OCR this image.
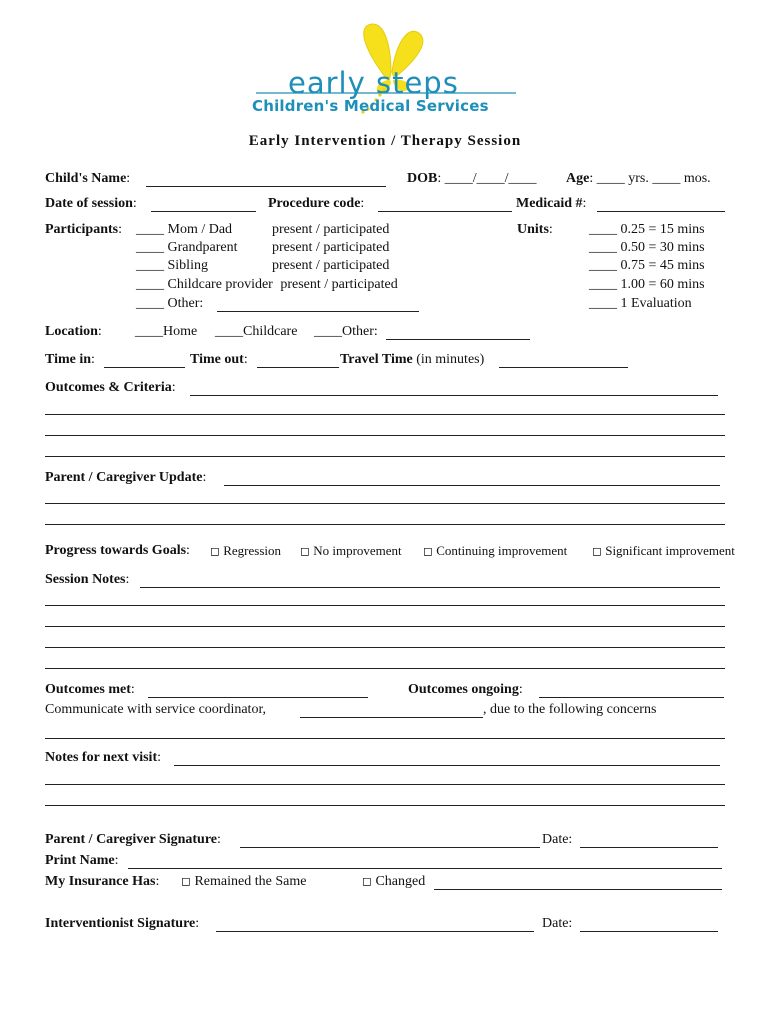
early steps
Children's Medical Services
Early Intervention / Therapy Session
Child's Name:	DOB: ____/____/____ Age: ____ yrs. ____ mos.
Date of session:	Procedure code:	Medicaid #:
Participants: ____ Mom / Dad	present / participated
____ Grandparent present / participated
____ Sibling	present / participated
____ Childcare provider present / participated
____ Other:
Units:	____ 0.25 = 15 mins
____ 0.50 = 30 mins
____ 0.75 = 45 mins
____ 1.00 = 60 mins
____ 1 Evaluation
Location: ____Home ____Childcare ____Other:
Time in:	Time out:	Travel Time (in minutes)
Outcomes & Criteria:
Parent / Caregiver Update:
Progress towards Goals: ◻ Regression ◻ No improvement ◻ Continuing improvement ◻ Significant improvement
Session Notes:
Outcomes met:	Outcomes ongoing:
Communicate with service coordinator,	, due to the following concerns
Notes for next visit:
Parent / Caregiver Signature:	Date:
Print Name:
My Insurance Has: ◻ Remained the Same	◻ Changed
Interventionist Signature:	Date:
